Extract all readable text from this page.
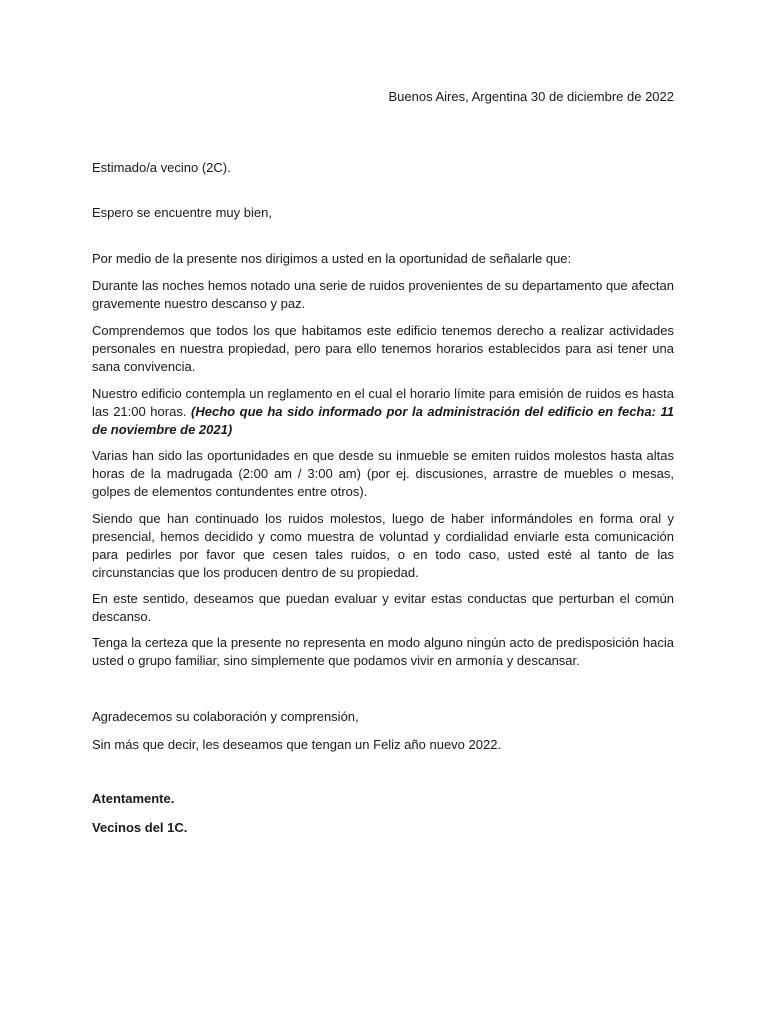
Buenos Aires, Argentina 30 de diciembre de 2022

Estimado/a vecino (2C).

Espero se encuentre muy bien,

Por medio de la presente nos dirigimos a usted en la oportunidad de señalarle que:

Durante las noches hemos notado una serie de ruidos provenientes de su departamento que afectan gravemente nuestro descanso y paz.

Comprendemos que todos los que habitamos este edificio tenemos derecho a realizar actividades personales en nuestra propiedad, pero para ello tenemos horarios establecidos para asi tener una sana convivencia.

Nuestro edificio contempla un reglamento en el cual el horario límite para emisión de ruidos es hasta las 21:00 horas. (Hecho que ha sido informado por la administración del edificio en fecha: 11 de noviembre de 2021)

Varias han sido las oportunidades en que desde su inmueble se emiten ruidos molestos hasta altas horas de la madrugada (2:00 am / 3:00 am) (por ej. discusiones, arrastre de muebles o mesas, golpes de elementos contundentes entre otros).

Siendo que han continuado los ruidos molestos, luego de haber informándoles en forma oral y presencial, hemos decidido y como muestra de voluntad y cordialidad enviarle esta comunicación para pedirles por favor que cesen tales ruidos, o en todo caso, usted esté al tanto de las circunstancias que los producen dentro de su propiedad.

En este sentido, deseamos que puedan evaluar y evitar estas conductas que perturban el común descanso.

Tenga la certeza que la presente no representa en modo alguno ningún acto de predisposición hacia usted o grupo familiar, sino simplemente que podamos vivir en armonía y descansar.

Agradecemos su colaboración y comprensión,

Sin más que decir, les deseamos que tengan un Feliz año nuevo 2022.

Atentamente.

Vecinos del 1C.
